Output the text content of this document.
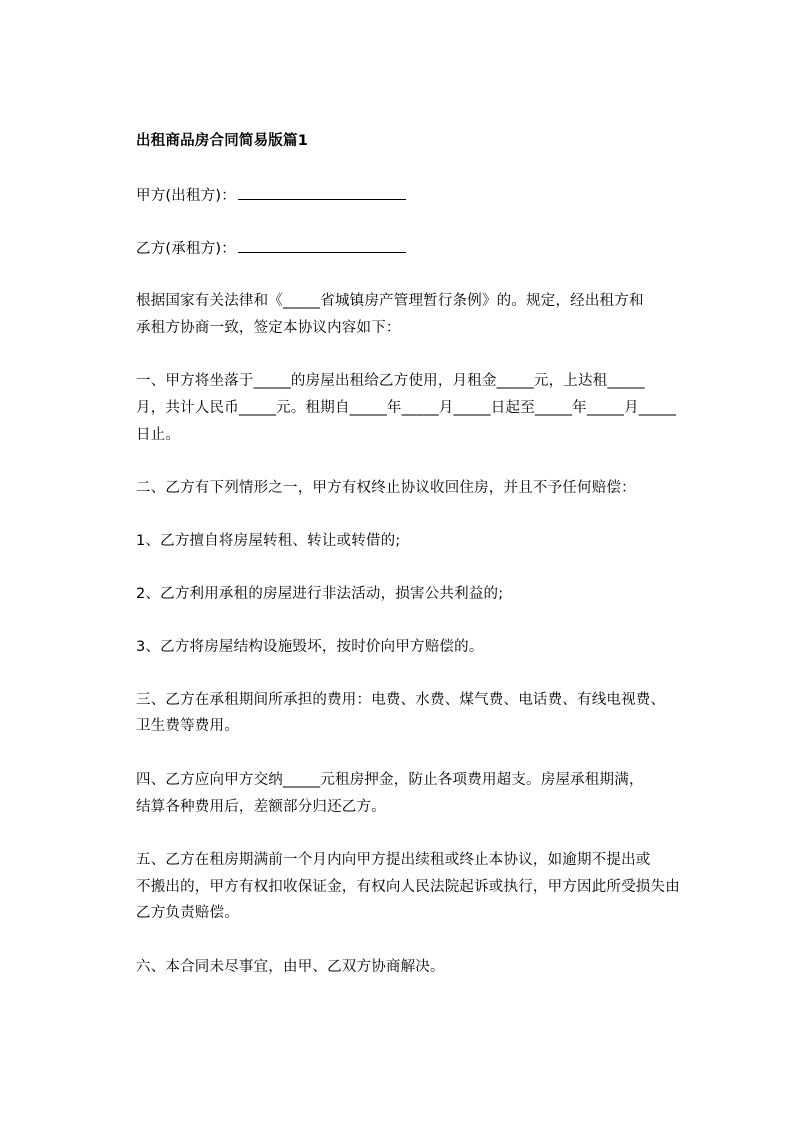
出租商品房合同简易版篇1
甲方(出租方)：
乙方(承租方)：
根据国家有关法律和《_____省城镇房产管理暂行条例》的。规定，经出租方和
承租方协商一致，签定本协议内容如下：
一、甲方将坐落于_____的房屋出租给乙方使用，月租金_____元，上达租_____
月，共计人民币_____元。租期自_____年_____月_____日起至_____年_____月_____
日止。
二、乙方有下列情形之一，甲方有权终止协议收回住房，并且不予任何赔偿：
1、乙方擅自将房屋转租、转让或转借的;
2、乙方利用承租的房屋进行非法活动，损害公共利益的;
3、乙方将房屋结构设施毁坏，按时价向甲方赔偿的。
三、乙方在承租期间所承担的费用：电费、水费、煤气费、电话费、有线电视费、
卫生费等费用。
四、乙方应向甲方交纳_____元租房押金，防止各项费用超支。房屋承租期满，
结算各种费用后，差额部分归还乙方。
五、乙方在租房期满前一个月内向甲方提出续租或终止本协议，如逾期不提出或
不搬出的，甲方有权扣收保证金，有权向人民法院起诉或执行，甲方因此所受损失由
乙方负责赔偿。
六、本合同未尽事宜，由甲、乙双方协商解决。
